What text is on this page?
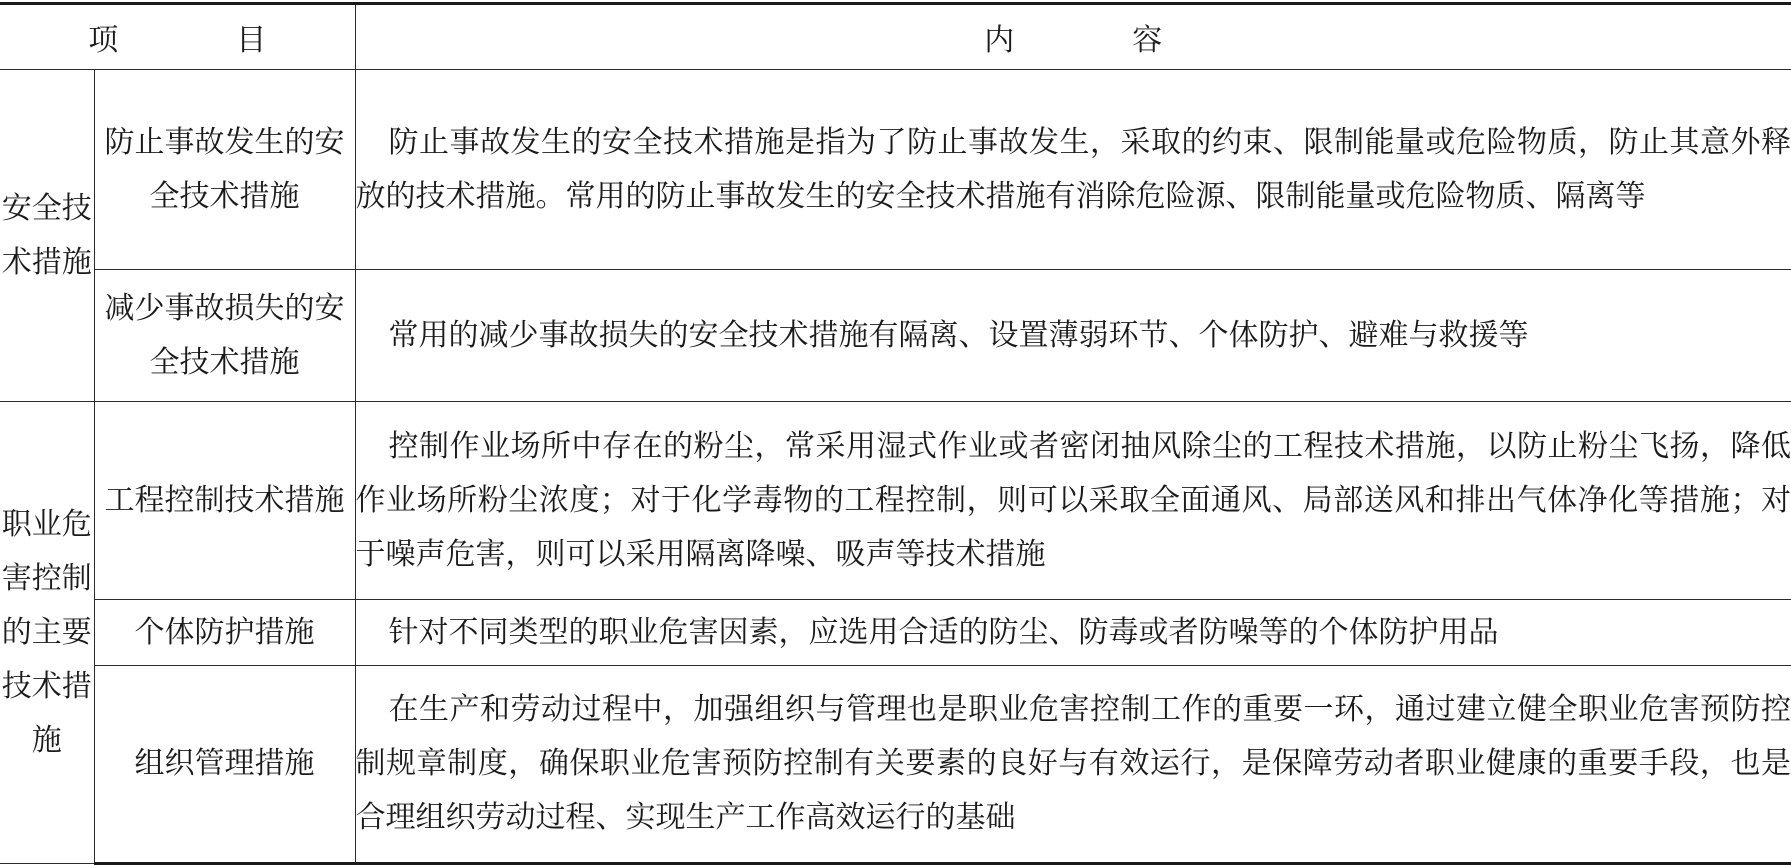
项　目		内　容
安全技术措施	防止事故发生的安全技术措施	防止事故发生的安全技术措施是指为了防止事故发生，采取的约束、限制能量或危险物质，防止其意外释放的技术措施。常用的防止事故发生的安全技术措施有消除危险源、限制能量或危险物质、隔离等

	减少事故损失的安全技术措施	常用的减少事故损失的安全技术措施有隔离、设置薄弱环节、个体防护、避难与救援等

职业危害控制的主要技术措施	工程控制技术措施	控制作业场所中存在的粉尘，常采用湿式作业或者密闭抽风除尘的工程技术措施，以防止粉尘飞扬，降低作业场所粉尘浓度；对于化学毒物的工程控制，则可以采取全面通风、局部送风和排出气体净化等措施；对于噪声危害，则可以采用隔离降噪、吸声等技术措施

	个体防护措施	针对不同类型的职业危害因素，应选用合适的防尘、防毒或者防噪等的个体防护用品

	组织管理措施	在生产和劳动过程中，加强组织与管理也是职业危害控制工作的重要一环，通过建立健全职业危害预防控制规章制度，确保职业危害预防控制有关要素的良好与有效运行，是保障劳动者职业健康的重要手段，也是合理组织劳动过程、实现生产工作高效运行的基础
